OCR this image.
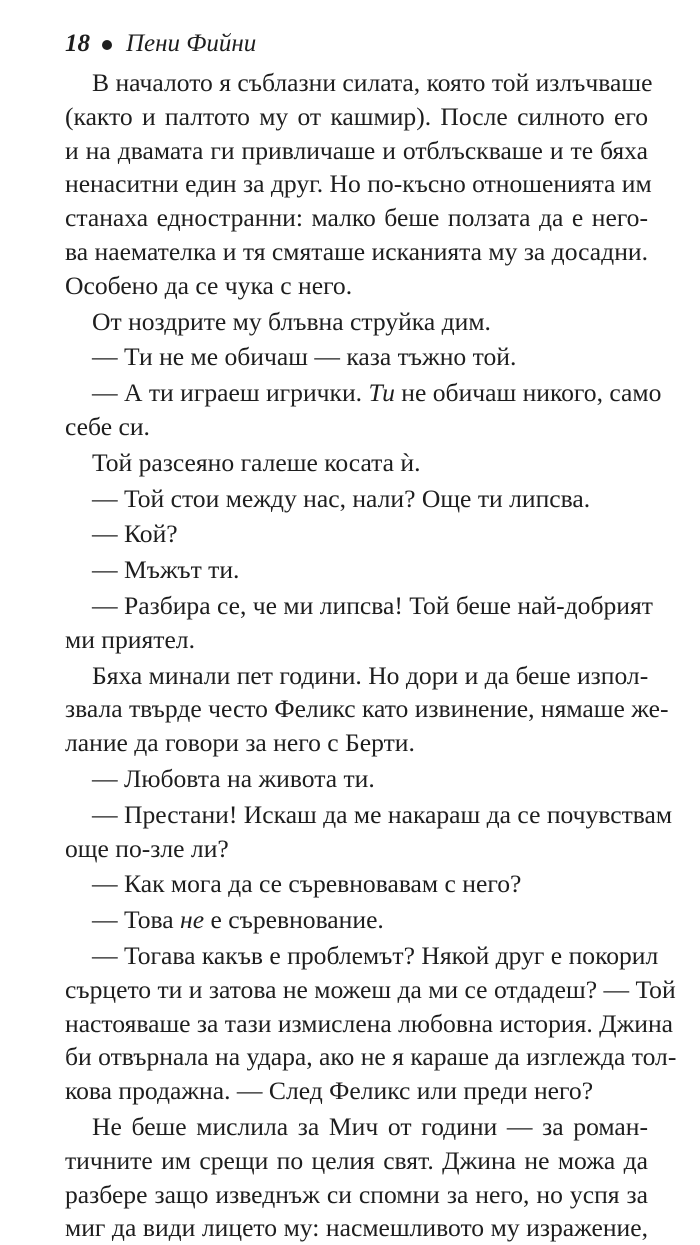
18 Пени Фийни
В началото я съблазни силата, която той излъчваше
(както и палтото му от кашмир). После силното его
и на двамата ги привличаше и отблъскваше и те бяха
ненаситни един за друг. Но по-късно отношенията им
станаха едностранни: малко беше ползата да е него-
ва наемателка и тя смяташе исканията му за досадни.
Особено да се чука с него.
От ноздрите му блъвна струйка дим.
— Ти не ме обичаш — каза тъжно той.
— А ти играеш игрички. Ти не обичаш никого, само
себе си.
Той разсеяно галеше косата ѝ.
— Той стои между нас, нали? Още ти липсва.
— Кой?
— Мъжът ти.
— Разбира се, че ми липсва! Той беше най-добрият
ми приятел.
Бяха минали пет години. Но дори и да беше изпол-
звала твърде често Феликс като извинение, нямаше же-
лание да говори за него с Берти.
— Любовта на живота ти.
— Престани! Искаш да ме накараш да се почувствам
още по-зле ли?
— Как мога да се съревновавам с него?
— Това не е съревнование.
— Тогава какъв е проблемът? Някой друг е покорил
сърцето ти и затова не можеш да ми се отдадеш? — Той
настояваше за тази измислена любовна история. Джина
би отвърнала на удара, ако не я караше да изглежда тол-
кова продажна. — След Феликс или преди него?
Не беше мислила за Мич от години — за роман-
тичните им срещи по целия свят. Джина не можа да
разбере защо изведнъж си спомни за него, но успя за
миг да види лицето му: насмешливото му изражение,
